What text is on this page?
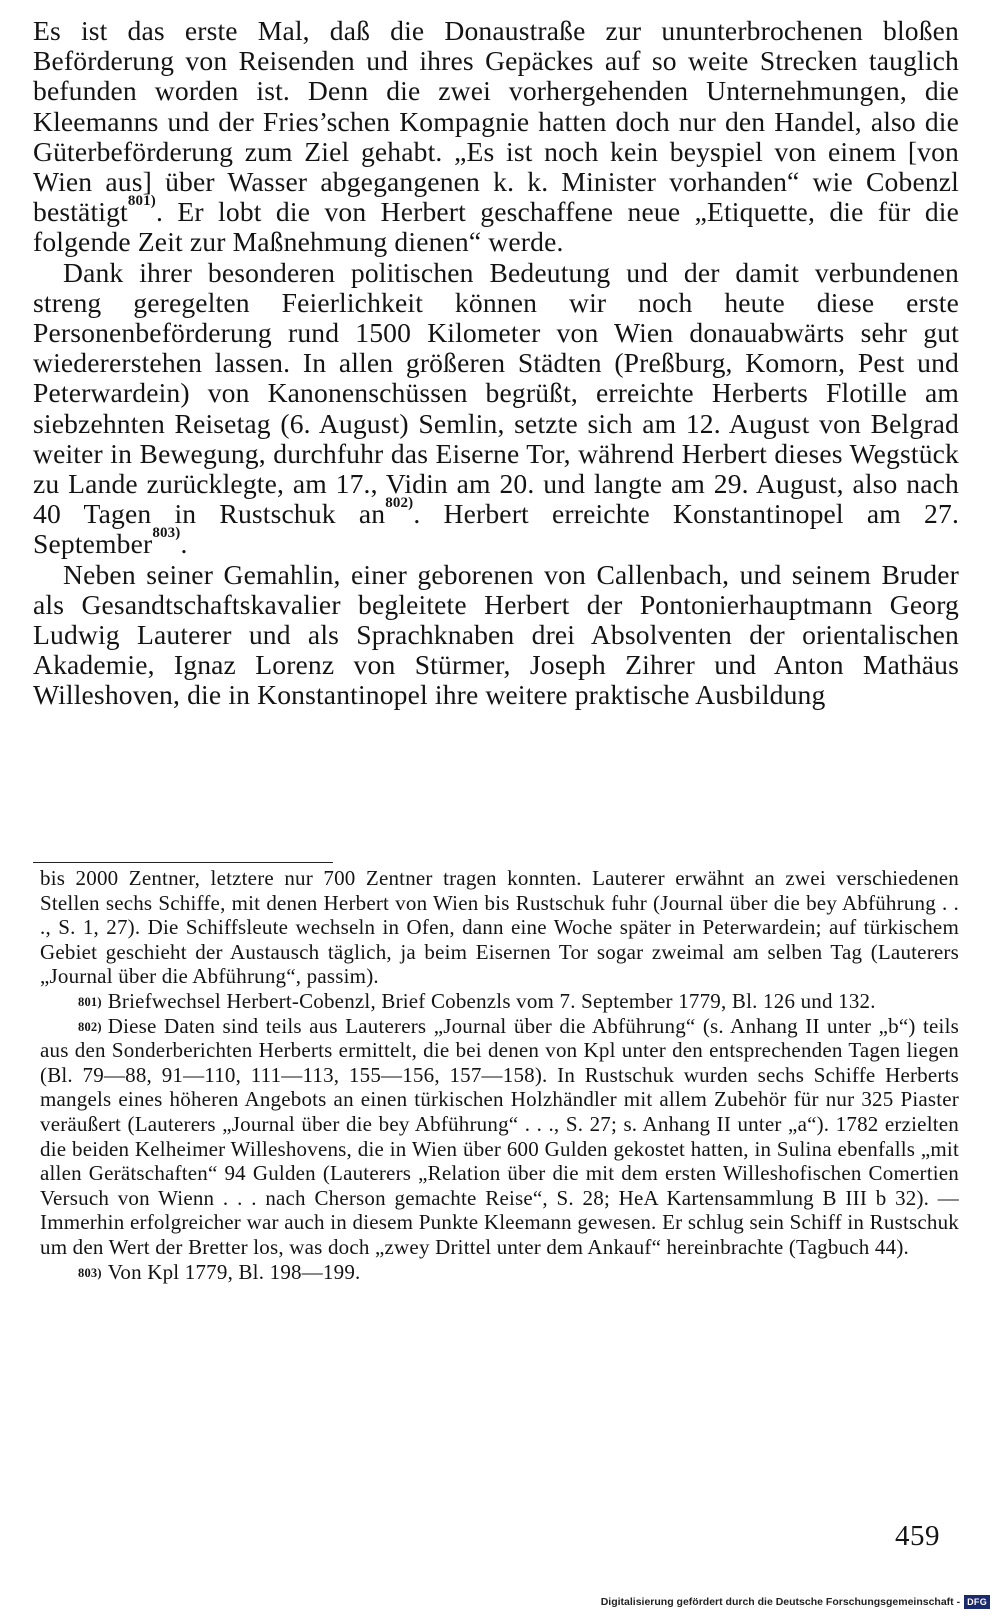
Es ist das erste Mal, daß die Donaustraße zur ununterbrochenen bloßen Beförderung von Reisenden und ihres Gepäckes auf so weite Strecken tauglich befunden worden ist. Denn die zwei vorhergehenden Unternehmungen, die Kleemanns und der Fries’schen Kompagnie hatten doch nur den Handel, also die Güterbeförderung zum Ziel gehabt. „Es ist noch kein beyspiel von einem [von Wien aus] über Wasser abgegangenen k. k. Minister vorhanden“ wie Cobenzl bestätigt$^{801)}$. Er lobt die von Herbert geschaffene neue „Etiquette, die für die folgende Zeit zur Maßnehmung dienen“ werde.

Dank ihrer besonderen politischen Bedeutung und der damit verbundenen streng geregelten Feierlichkeit können wir noch heute diese erste Personenbeförderung rund 1500 Kilometer von Wien donauabwärts sehr gut wiedererstehen lassen. In allen größeren Städten (Preßburg, Komorn, Pest und Peterwardein) von Kanonenschüssen begrüßt, erreichte Herberts Flotille am siebzehnten Reisetag (6. August) Semlin, setzte sich am 12. August von Belgrad weiter in Bewegung, durchfuhr das Eiserne Tor, während Herbert dieses Wegstück zu Lande zurücklegte, am 17., Vidin am 20. und langte am 29. August, also nach 40 Tagen in Rustschuk an$^{802)}$. Herbert erreichte Konstantinopel am 27. September$^{803)}$.

Neben seiner Gemahlin, einer geborenen von Callenbach, und seinem Bruder als Gesandtschaftskavalier begleitete Herbert der Pontonierhauptmann Georg Ludwig Lauterer und als Sprachknaben drei Absolventen der orientalischen Akademie, Ignaz Lorenz von Stürmer, Joseph Zihrer und Anton Mathäus Willeshoven, die in Konstantinopel ihre weitere praktische Ausbildung

bis 2000 Zentner, letztere nur 700 Zentner tragen konnten. Lauterer erwähnt an zwei verschiedenen Stellen sechs Schiffe, mit denen Herbert von Wien bis Rustschuk fuhr (Journal über die bey Abführung . . ., S. 1, 27). Die Schiffsleute wechseln in Ofen, dann eine Woche später in Peterwardein; auf türkischem Gebiet geschieht der Austausch täglich, ja beim Eisernen Tor sogar zweimal am selben Tag (Lauterers „Journal über die Abführung“, passim).

$^{801)}$ Briefwechsel Herbert-Cobenzl, Brief Cobenzls vom 7. September 1779, Bl. 126 und 132.

$^{802)}$ Diese Daten sind teils aus Lauterers „Journal über die Abführung“ (s. Anhang II unter „b“) teils aus den Sonderberichten Herberts ermittelt, die bei denen von Kpl unter den entsprechenden Tagen liegen (Bl. 79—88, 91—110, 111—113, 155—156, 157—158). In Rustschuk wurden sechs Schiffe Herberts mangels eines höheren Angebots an einen türkischen Holzhändler mit allem Zubehör für nur 325 Piaster veräußert (Lauterers „Journal über die bey Abführung“ . . ., S. 27; s. Anhang II unter „a“). 1782 erzielten die beiden Kelheimer Willeshovens, die in Wien über 600 Gulden gekostet hatten, in Sulina ebenfalls „mit allen Gerätschaften“ 94 Gulden (Lauterers „Relation über die mit dem ersten Willeshofischen Comertien Versuch von Wienn . . . nach Cherson gemachte Reise“, S. 28; HeA Kartensammlung B III b 32). — Immerhin erfolgreicher war auch in diesem Punkte Kleemann gewesen. Er schlug sein Schiff in Rustschuk um den Wert der Bretter los, was doch „zwey Drittel unter dem Ankauf“ hereinbrachte (Tagbuch 44).

$^{803)}$ Von Kpl 1779, Bl. 198—199.

459
Digitalisierung gefördert durch die Deutsche Forschungsgemeinschaft - DFG
